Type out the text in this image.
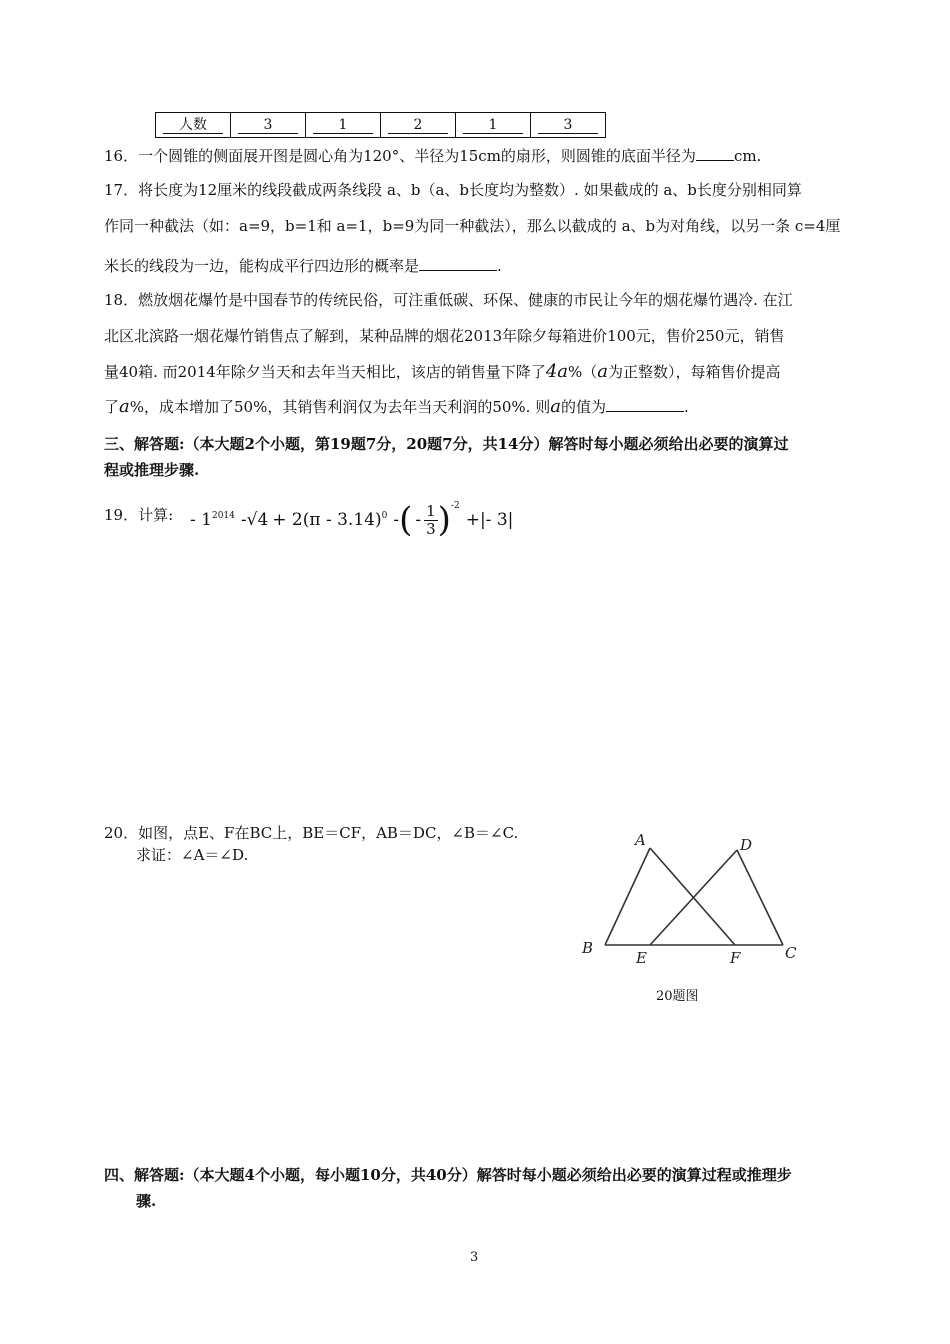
人数	3	1	2	1	3
16．一个圆锥的侧面展开图是圆心角为120°、半径为15cm的扇形，则圆锥的底面半径为	cm.
17．将长度为12厘米的线段截成两条线段 a、b（a、b长度均为整数）. 如果截成的 a、b长度分别相同算
作同一种截法（如：a=9，b=1和 a=1，b=9为同一种截法），那么以截成的 a、b为对角线，以另一条 c=4厘
米长的线段为一边，能构成平行四边形的概率是	.
18．燃放烟花爆竹是中国春节的传统民俗，可注重低碳、环保、健康的市民让今年的烟花爆竹遇冷. 在江
北区北滨路一烟花爆竹销售点了解到，某种品牌的烟花2013年除夕每箱进价100元，售价250元，销售
量40箱. 而2014年除夕当天和去年当天相比，该店的销售量下降了4a%（a为正整数），每箱售价提高
了a%，成本增加了50%，其销售利润仅为去年当天利润的50%. 则a的值为	.
三、解答题:（本大题2个小题，第19题7分，20题7分，共14分）解答时每小题必须给出必要的演算过
程或推理步骤.
19．计算: - 1 2014 - √4 + 2 (π - 3.14) 0 - ( - $\frac{1}{3}$ ) -2
+ |- 3|
20．如图，点E、F在BC上，BE＝CF，AB＝DC，∠B＝∠C.
求证：∠A＝∠D.
A	D
B
E	F	C
20题图
四、解答题:（本大题4个小题，每小题10分，共40分）解答时每小题必须给出必要的演算过程或推理步
骤.
3
